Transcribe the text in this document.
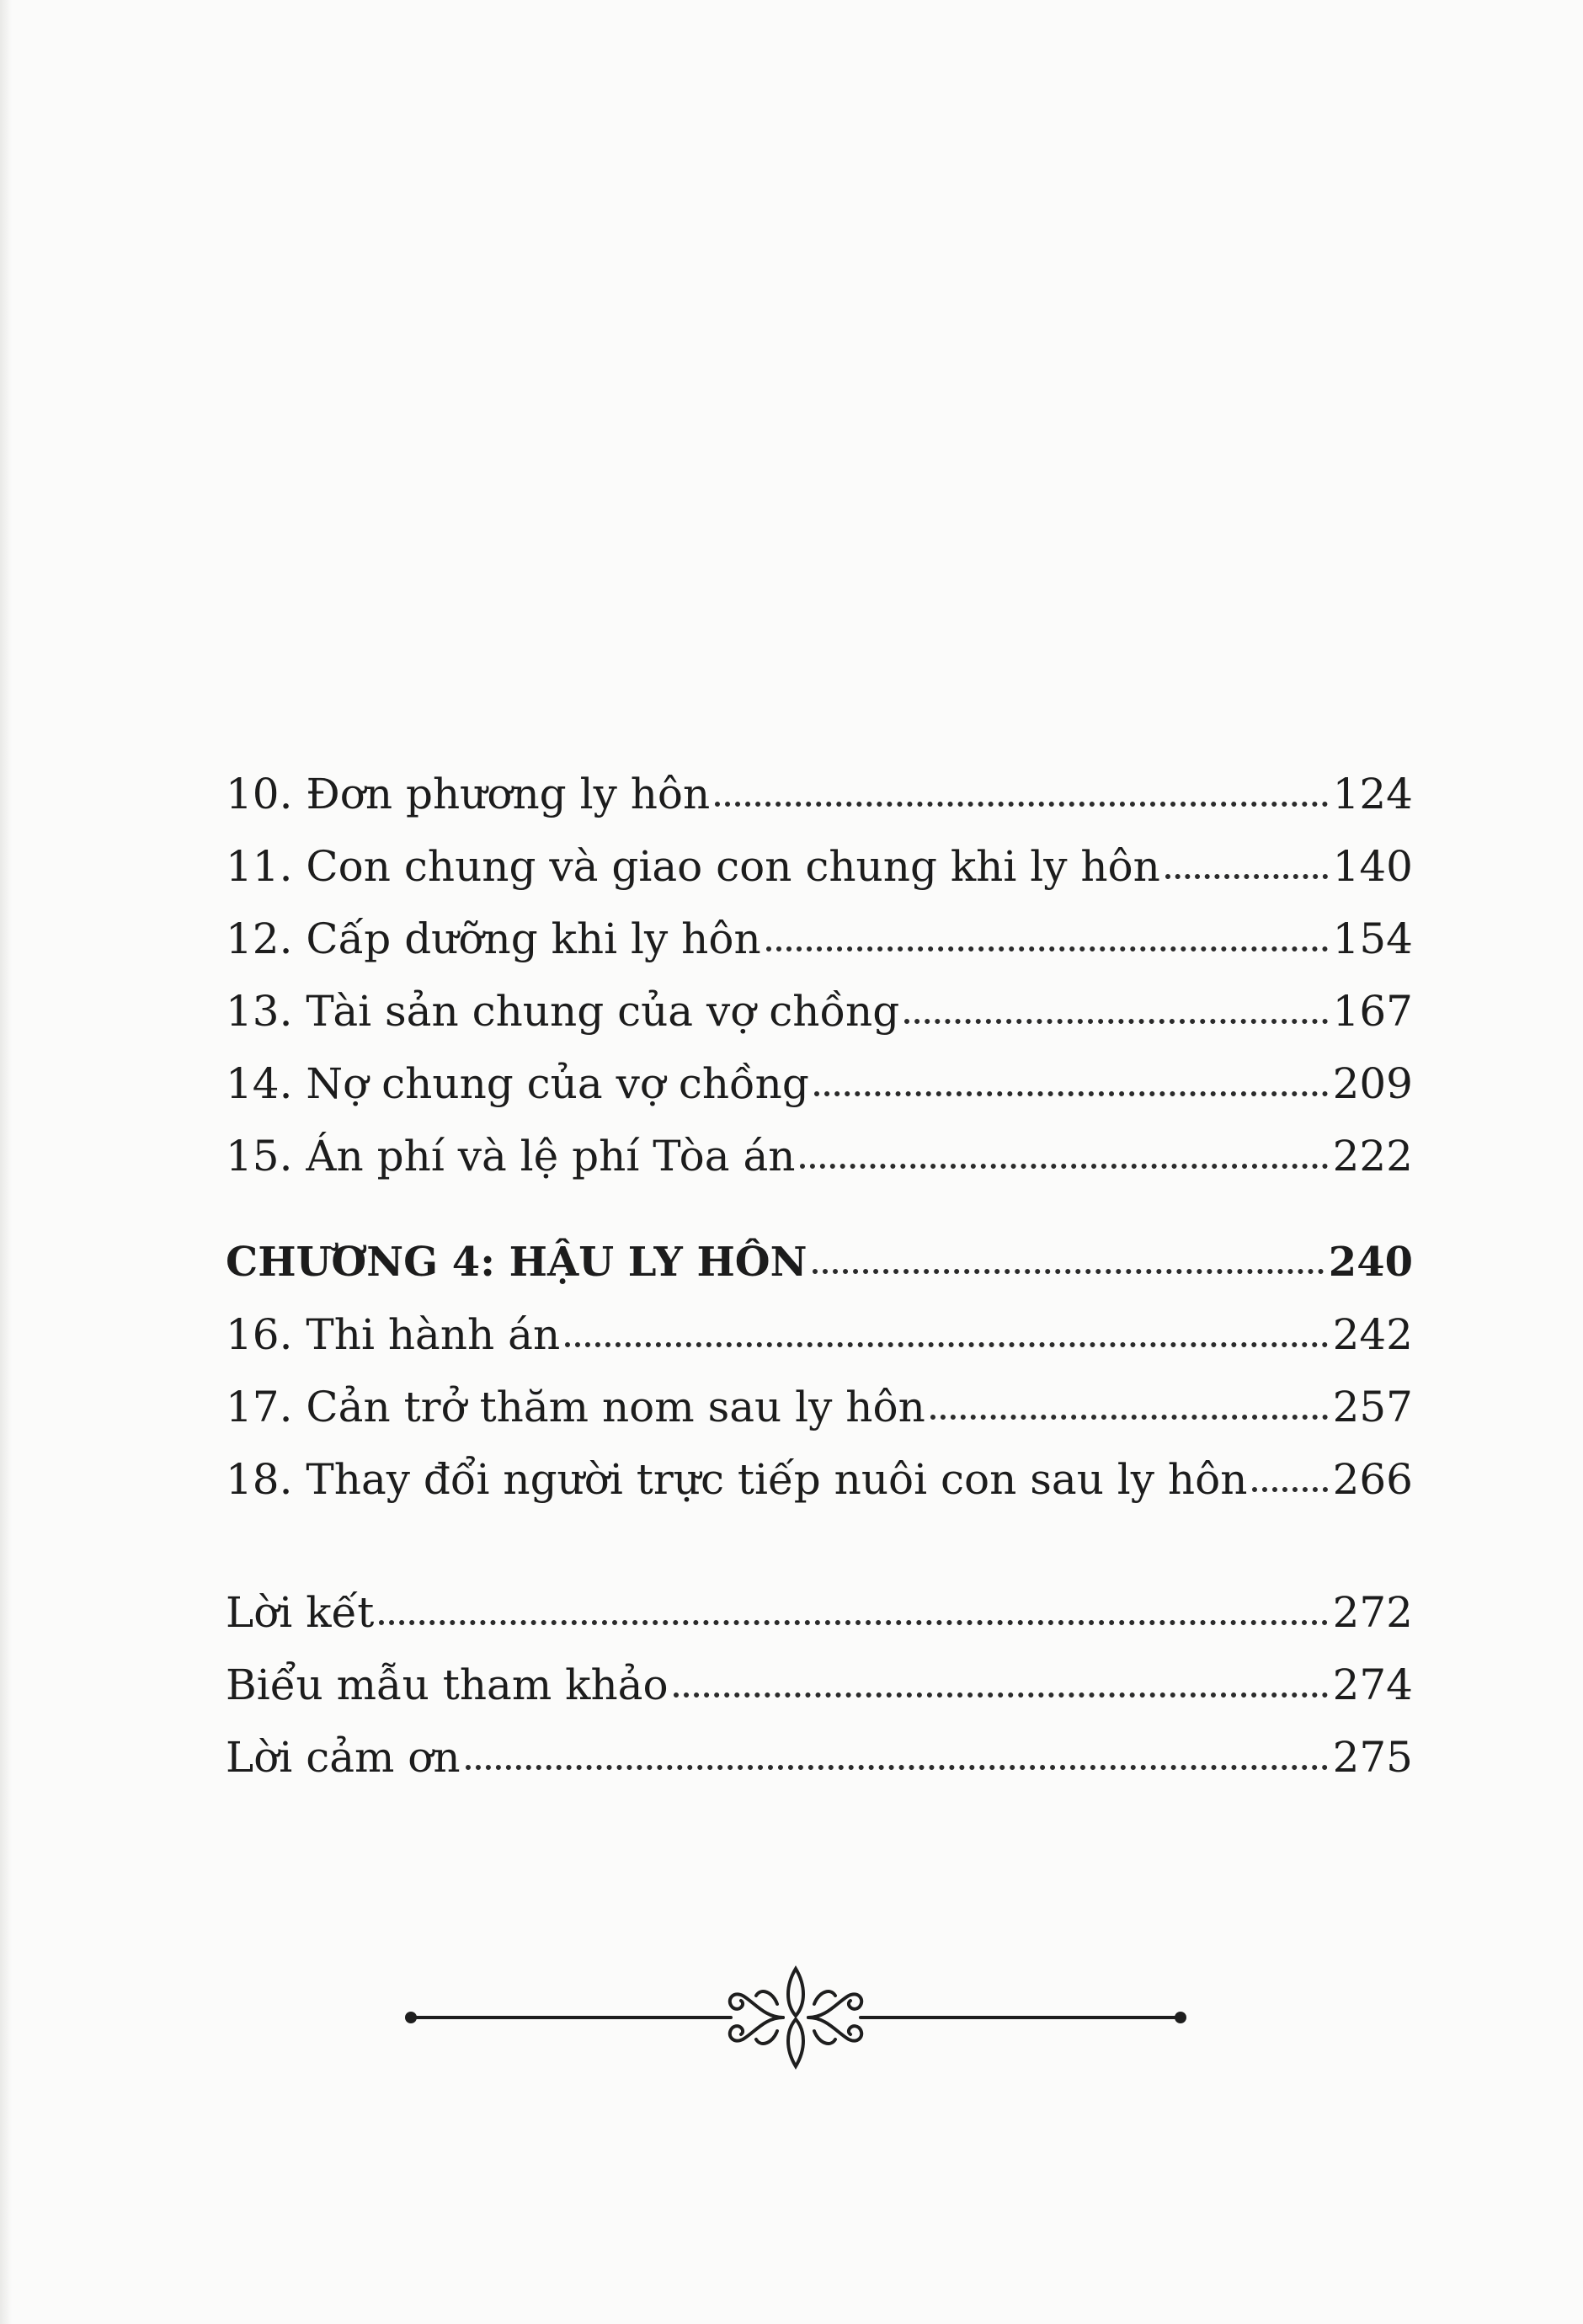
10. Đơn phương ly hôn	124
11. Con chung và giao con chung khi ly hôn	140
12. Cấp dưỡng khi ly hôn	154
13. Tài sản chung của vợ chồng	167
14. Nợ chung của vợ chồng	209
15. Án phí và lệ phí Tòa án	222
CHƯƠNG 4: HẬU LY HÔN	240
16. Thi hành án	242
17. Cản trở thăm nom sau ly hôn	257
18. Thay đổi người trực tiếp nuôi con sau ly hôn 266
Lời kết	272
Biểu mẫu tham khảo	274
Lời cảm ơn	275
